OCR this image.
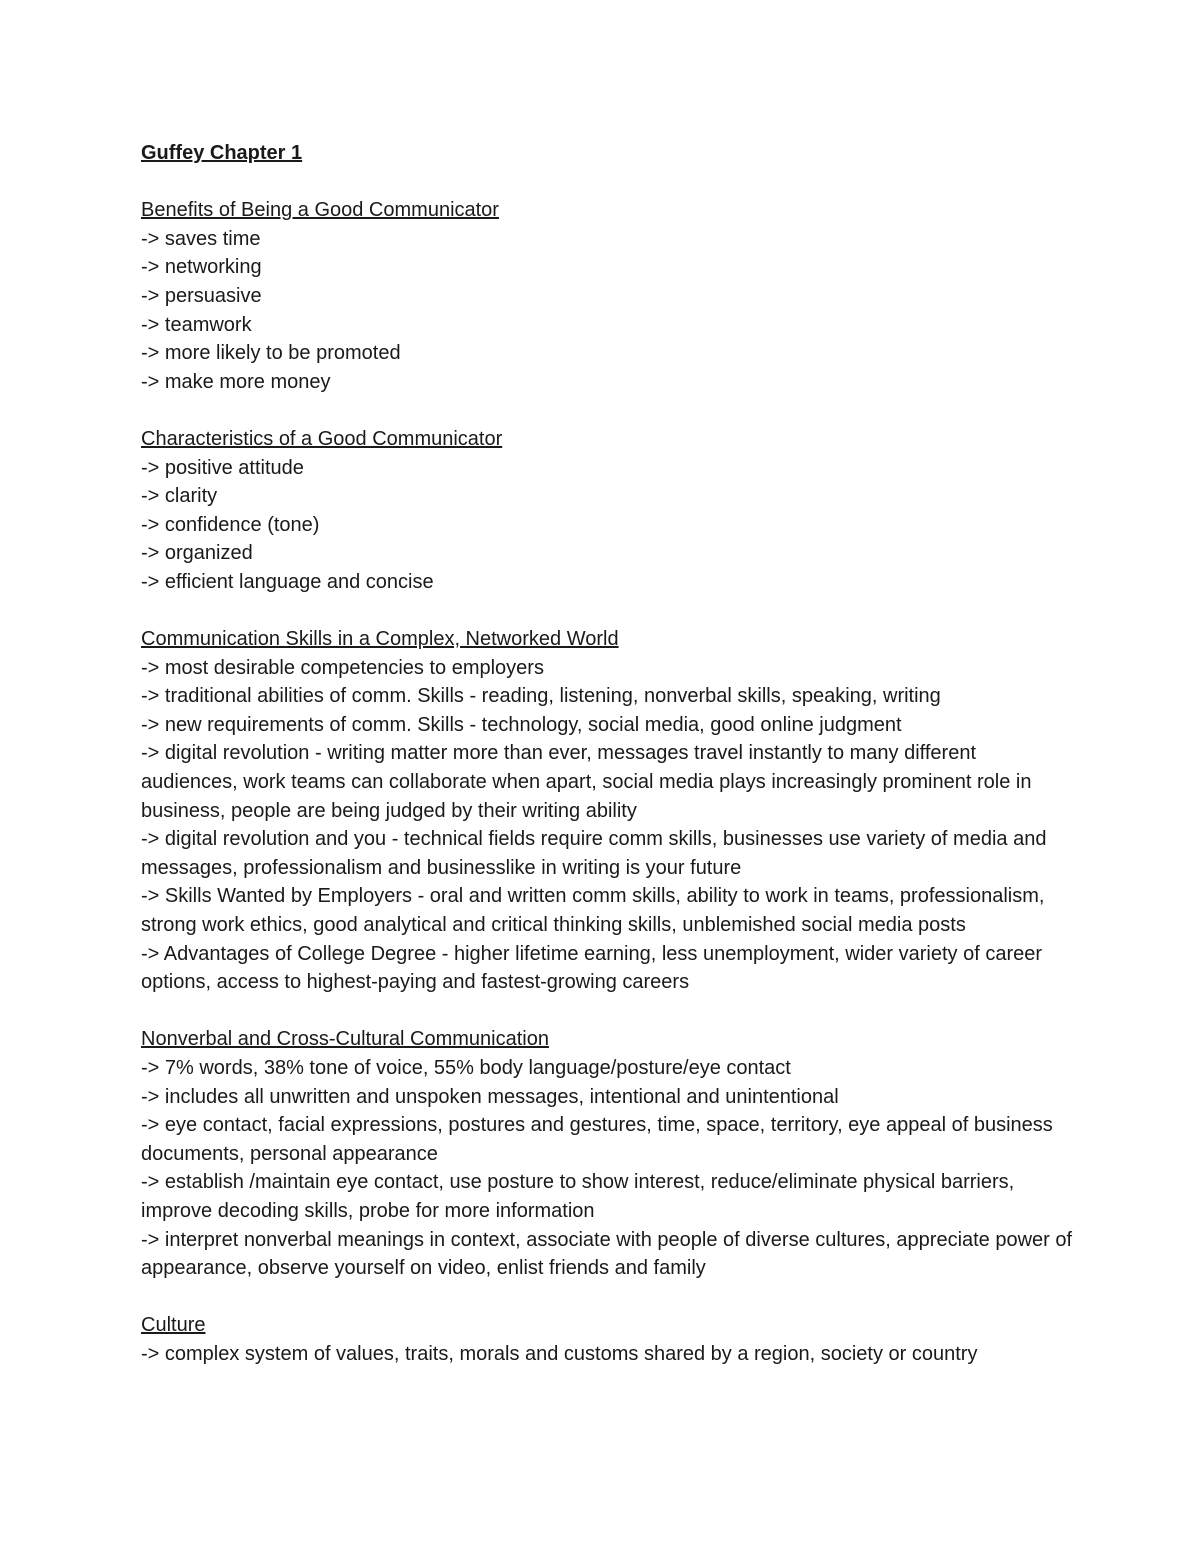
Guffey Chapter 1
Benefits of Being a Good Communicator

-> saves time

-> networking

-> persuasive

-> teamwork

-> more likely to be promoted

-> make more money

Characteristics of a Good Communicator

-> positive attitude

-> clarity

-> confidence (tone)

-> organized

-> efficient language and concise

Communication Skills in a Complex, Networked World

-> most desirable competencies to employers

-> traditional abilities of comm. Skills - reading, listening, nonverbal skills, speaking, writing

-> new requirements of comm. Skills - technology, social media, good online judgment

-> digital revolution - writing matter more than ever, messages travel instantly to many different audiences, work teams can collaborate when apart, social media plays increasingly prominent role in business, people are being judged by their writing ability

-> digital revolution and you - technical fields require comm skills, businesses use variety of media and messages, professionalism and businesslike in writing is your future

-> Skills Wanted by Employers - oral and written comm skills, ability to work in teams, professionalism, strong work ethics, good analytical and critical thinking skills, unblemished social media posts

-> Advantages of College Degree - higher lifetime earning, less unemployment, wider variety of career options, access to highest-paying and fastest-growing careers

Nonverbal and Cross-Cultural Communication

-> 7% words, 38% tone of voice, 55% body language/posture/eye contact

-> includes all unwritten and unspoken messages, intentional and unintentional

-> eye contact, facial expressions, postures and gestures, time, space, territory, eye appeal of business documents, personal appearance

-> establish /maintain eye contact, use posture to show interest, reduce/eliminate physical barriers, improve decoding skills, probe for more information

-> interpret nonverbal meanings in context, associate with people of diverse cultures, appreciate power of appearance, observe yourself on video, enlist friends and family

Culture

-> complex system of values, traits, morals and customs shared by a region, society or country
